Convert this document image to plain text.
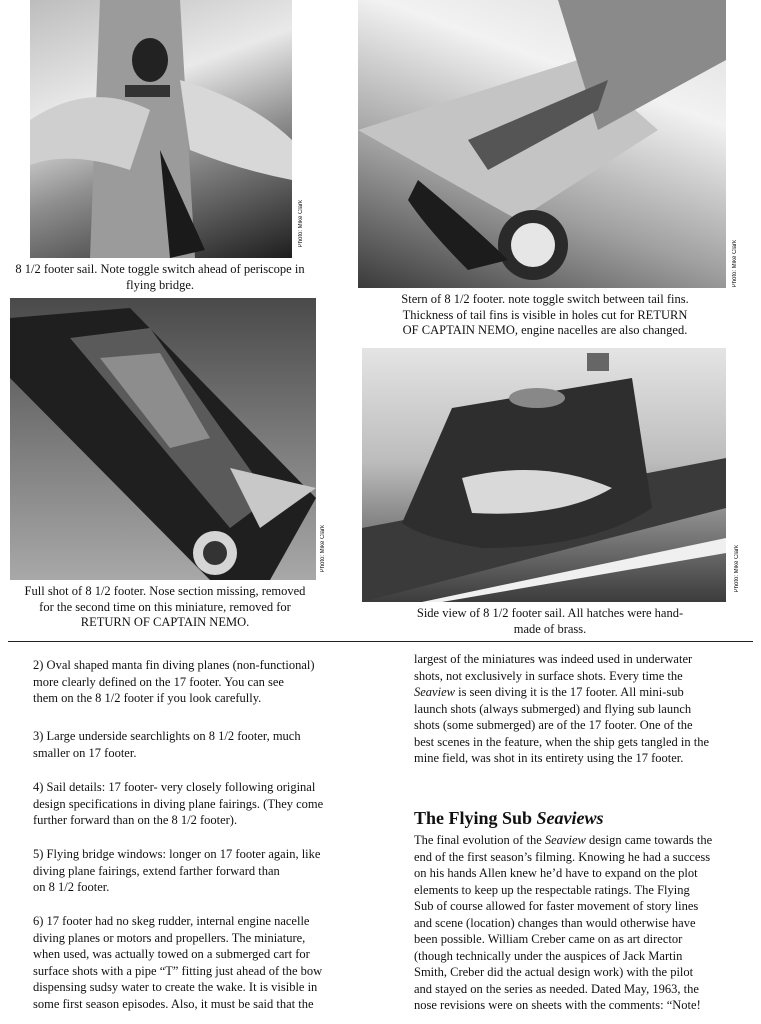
Photo: Mike Clark
8 1/2 footer sail. Note toggle switch ahead of periscope in
flying bridge.	Photo: Mike Clark
Stern of 8 1/2 footer. note toggle switch between tail fins.
Thickness of tail fins is visible in holes cut for RETURN
OF CAPTAIN NEMO, engine nacelles are also changed.
Photo: Mike Clark
Full shot of 8 1/2 footer. Nose section missing, removed
for the second time on this miniature, removed for
RETURN OF CAPTAIN NEMO.
Photo: Mike Clark
Side view of 8 1/2 footer sail. All hatches were hand-
made of brass.
2) Oval shaped manta fin diving planes (non-functional)
more clearly defined on the 17 footer. You can see
them on the 8 1/2 footer if you look carefully.
3) Large underside searchlights on 8 1/2 footer, much
smaller on 17 footer.
4) Sail details: 17 footer- very closely following original
design specifications in diving plane fairings. (They come
further forward than on the 8 1/2 footer).
5) Flying bridge windows: longer on 17 footer again, like
diving plane fairings, extend farther forward than
on 8 1/2 footer.
6) 17 footer had no skeg rudder, internal engine nacelle
diving planes or motors and propellers. The miniature,
when used, was actually towed on a submerged cart for
surface shots with a pipe “T” fitting just ahead of the bow
dispensing sudsy water to create the wake. It is visible in
some first season episodes. Also, it must be said that the
largest of the miniatures was indeed used in underwater
shots, not exclusively in surface shots. Every time the
Seaview is seen diving it is the 17 footer. All mini-sub
launch shots (always submerged) and flying sub launch
shots (some submerged) are of the 17 footer. One of the
best scenes in the feature, when the ship gets tangled in the
mine field, was shot in its entirety using the 17 footer.
The Flying Sub Seaviews
The final evolution of the Seaview design came towards the
end of the first season’s filming. Knowing he had a success
on his hands Allen knew he’d have to expand on the plot
elements to keep up the respectable ratings. The Flying
Sub of course allowed for faster movement of story lines
and scene (location) changes than would otherwise have
been possible. William Creber came on as art director
(though technically under the auspices of Jack Martin
Smith, Creber did the actual design work) with the pilot
and stayed on the series as needed. Dated May, 1963, the
nose revisions were on sheets with the comments: “Note!
